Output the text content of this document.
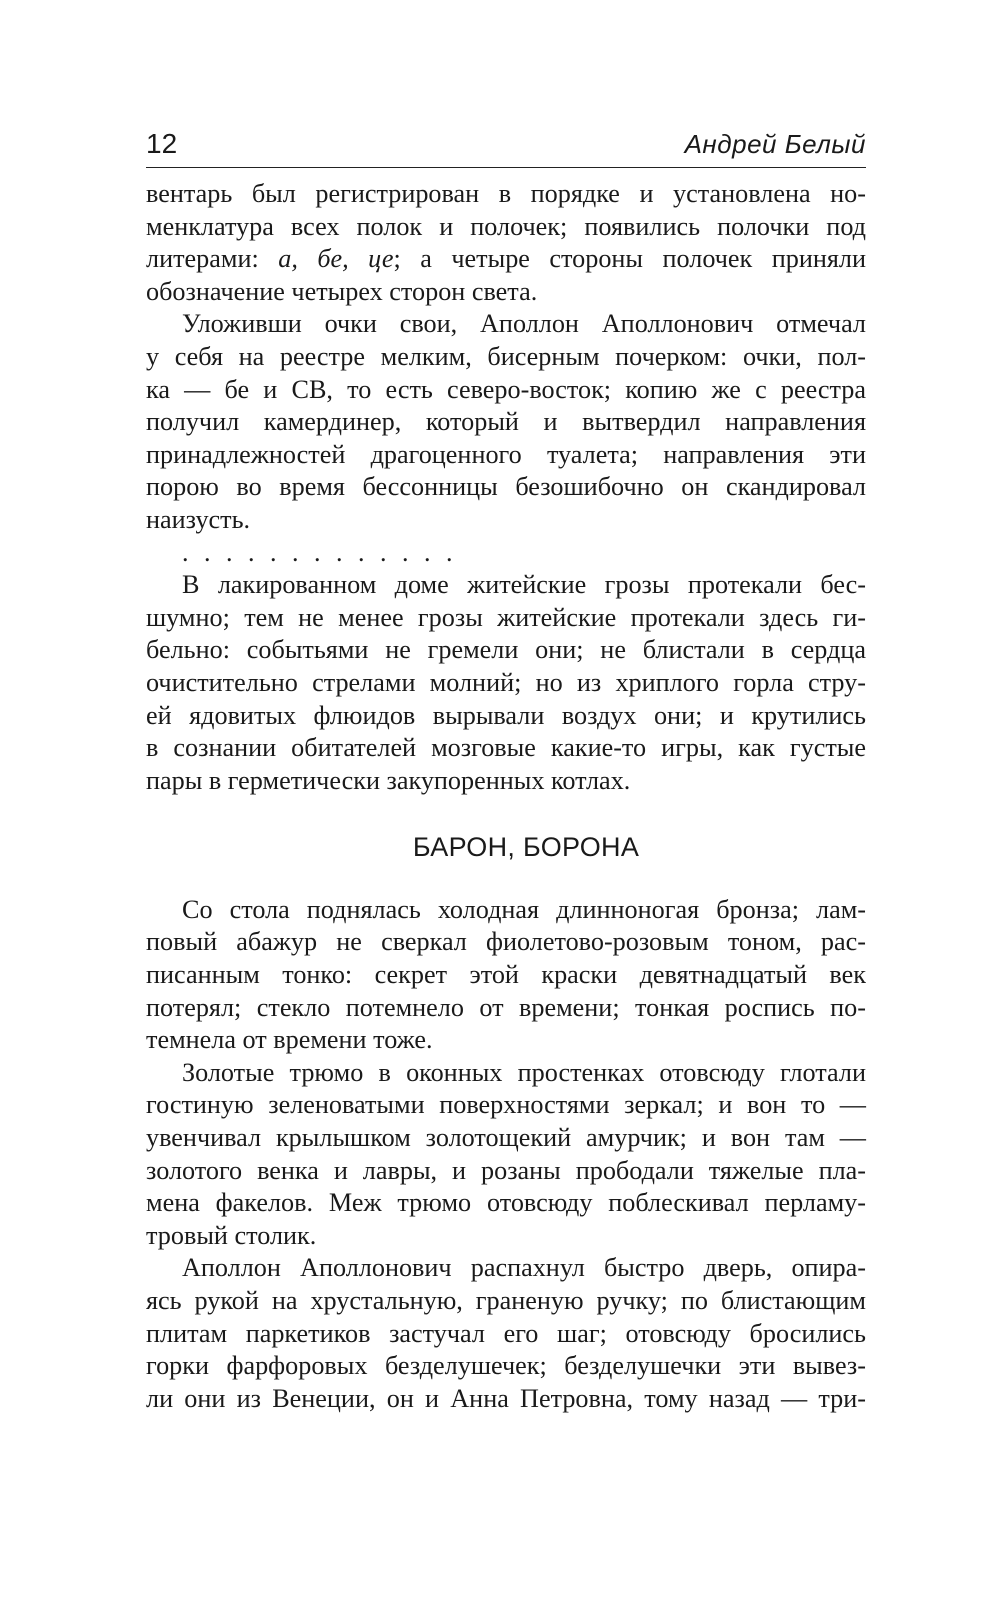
12	Андрей Белый

вентарь был регистрирован в порядке и установлена но-
менклатура всех полок и полочек; появились полочки под
литерами: а, бе, це; а четыре стороны полочек приняли
обозначение четырех сторон света.

Уложивши очки свои, Аполлон Аполлонович отмечал
у себя на реестре мелким, бисерным почерком: очки, пол-
ка — бе и СВ, то есть северо-восток; копию же с реестра
получил камердинер, который и вытвердил направления
принадлежностей драгоценного туалета; направления эти
порою во время бессонницы безошибочно он скандировал
наизусть.

. . . . . . . . . . . . .

В лакированном доме житейские грозы протекали бес-
шумно; тем не менее грозы житейские протекали здесь ги-
бельно: событьями не гремели они; не блистали в сердца
очистительно стрелами молний; но из хриплого горла стру-
ей ядовитых флюидов вырывали воздух они; и крутились
в сознании обитателей мозговые какие-то игры, как густые
пары в герметически закупоренных котлах.

БАРОН, БОРОНА

Со стола поднялась холодная длинноногая бронза; лам-
повый абажур не сверкал фиолетово-розовым тоном, рас-
писанным тонко: секрет этой краски девятнадцатый век
потерял; стекло потемнело от времени; тонкая роспись по-
темнела от времени тоже.

Золотые трюмо в оконных простенках отовсюду глотали
гостиную зеленоватыми поверхностями зеркал; и вон то —
увенчивал крылышком золотощекий амурчик; и вон там —
золотого венка и лавры, и розаны прободали тяжелые пла-
мена факелов. Меж трюмо отовсюду поблескивал перламу-
тровый столик.

Аполлон Аполлонович распахнул быстро дверь, опира-
ясь рукой на хрустальную, граненую ручку; по блистающим
плитам паркетиков застучал его шаг; отовсюду бросились
горки фарфоровых безделушечек; безделушечки эти вывез-
ли они из Венеции, он и Анна Петровна, тому назад — три-
